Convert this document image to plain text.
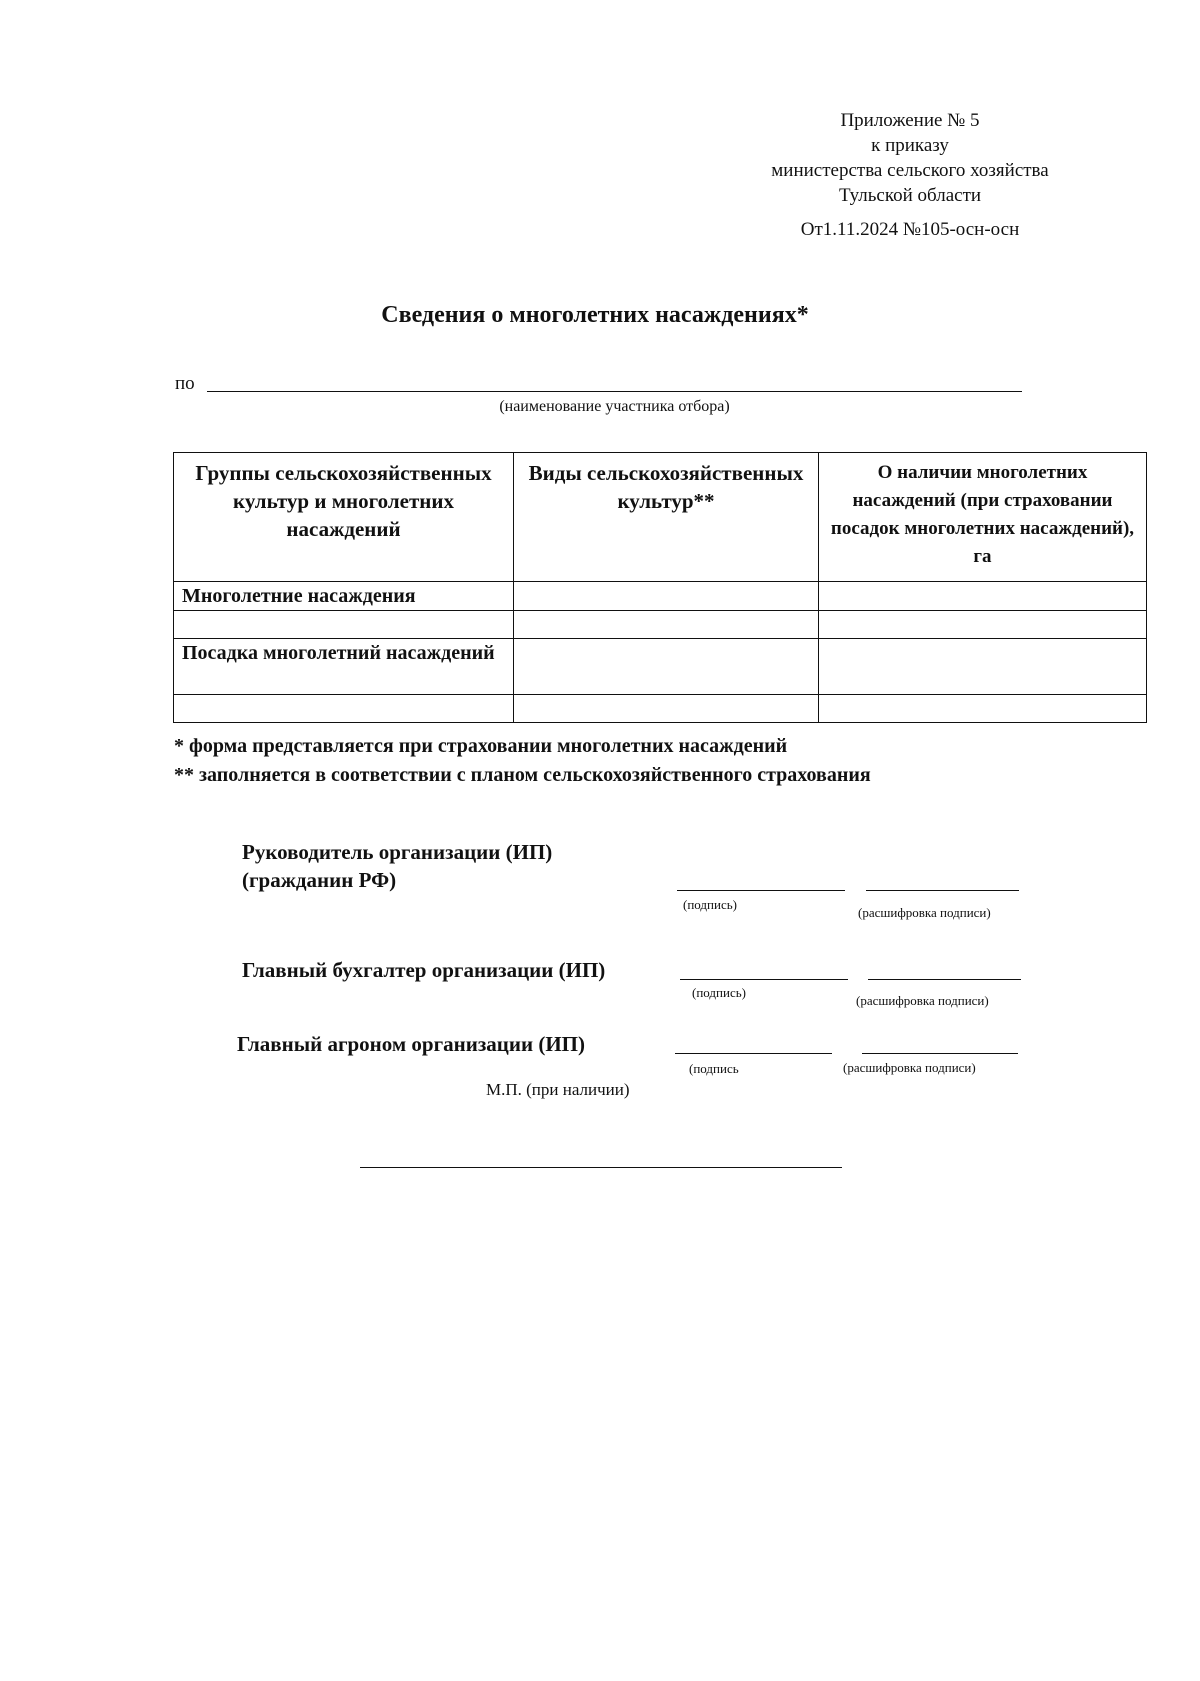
Приложение № 5
к приказу
министерства сельского хозяйства
Тульской области
От1.11.2024 №105-осн-осн
Сведения о многолетних насаждениях*
по
(наименование участника отбора)
Группы сельскохозяйственных культур и многолетних насаждений	Виды сельскохозяйственных культур**	О наличии многолетних насаждений (при страховании посадок многолетних насаждений), га
Многолетние насаждения		

Посадка многолетний насаждений		

* форма представляется при страховании многолетних насаждений
** заполняется в соответствии с планом сельскохозяйственного страхования
Руководитель организации (ИП)
(гражданин РФ)
(подпись)
(расшифровка подписи)
Главный бухгалтер организации (ИП)
(подпись)
(расшифровка подписи)
Главный агроном организации (ИП)
(подпись	(расшифровка подписи)
М.П. (при наличии)
